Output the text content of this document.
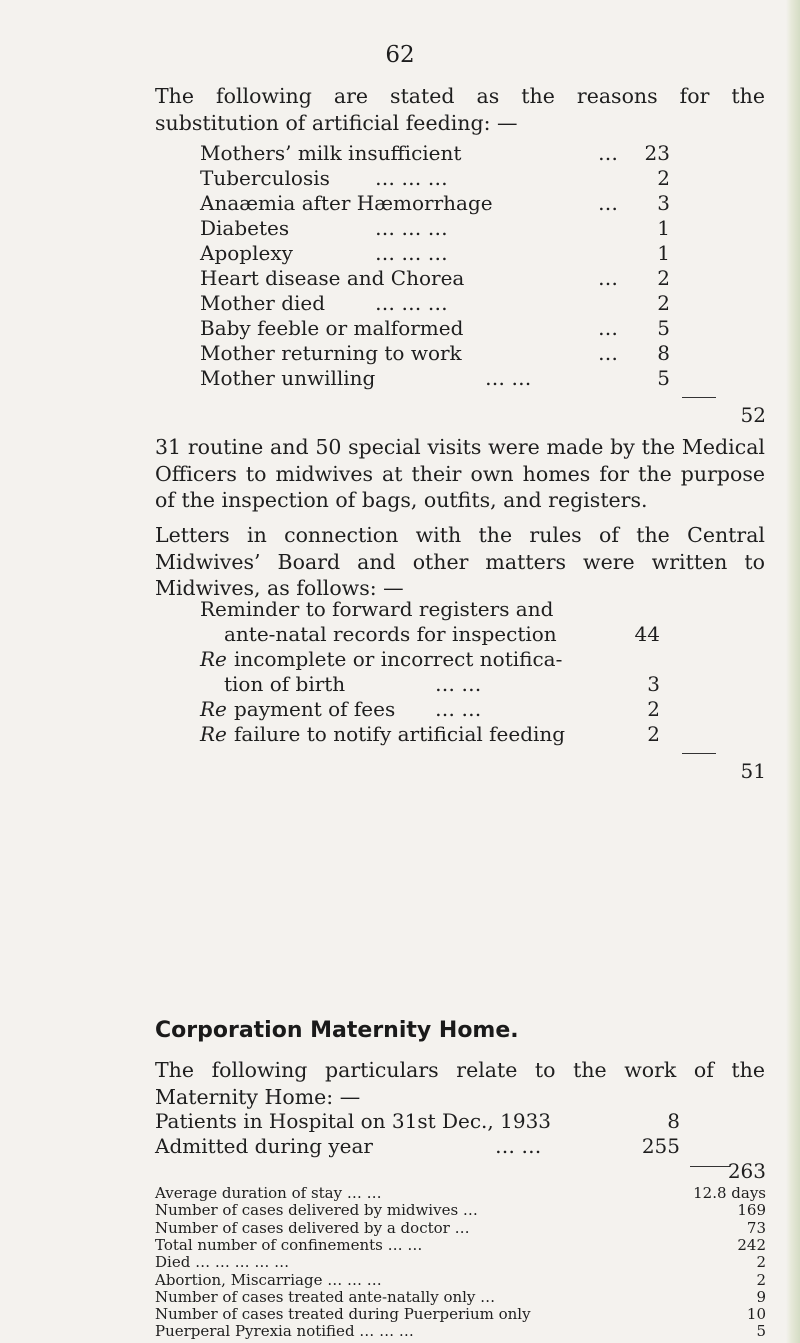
62
The following are stated as the reasons for the substitution of artificial feeding: —
Mothers’ milk insufficient	… 23
Tuberculosis … … …	2
Anaæmia after Hæmorrhage	… 3
Diabetes	… … …	1
Apoplexy	… … …	1
Heart disease and Chorea	… 2
Mother died … … …	2
Baby feeble or malformed	… 5
Mother returning to work	… 8
Mother unwilling	… …	5
52
31 routine and 50 special visits were made by the Medical Officers to midwives at their own homes for the purpose of the inspection of bags, outfits, and registers.
Letters in connection with the rules of the Central Midwives’ Board and other matters were written to Midwives, as follows: —
Reminder to forward registers and
ante-natal records for inspection	44
Re incomplete or incorrect notifica-
tion of birth	… …	3
Re payment of fees … …	2
Re failure to notify artificial feeding	2
51
Corporation Maternity Home.
The following particulars relate to the work of the Maternity Home: —
Patients in Hospital on 31st Dec., 1933	8
Admitted during year	… …	255
263
Average duration of stay … …	12.8 days
Number of cases delivered by midwives …	169
Number of cases delivered by a doctor …	73
Total number of confinements … …	242
Died … … … … …	2
Abortion, Miscarriage … … …	2
Number of cases treated ante-natally only …	9
Number of cases treated during Puerperium only	10
Puerperal Pyrexia notified … … …	5
